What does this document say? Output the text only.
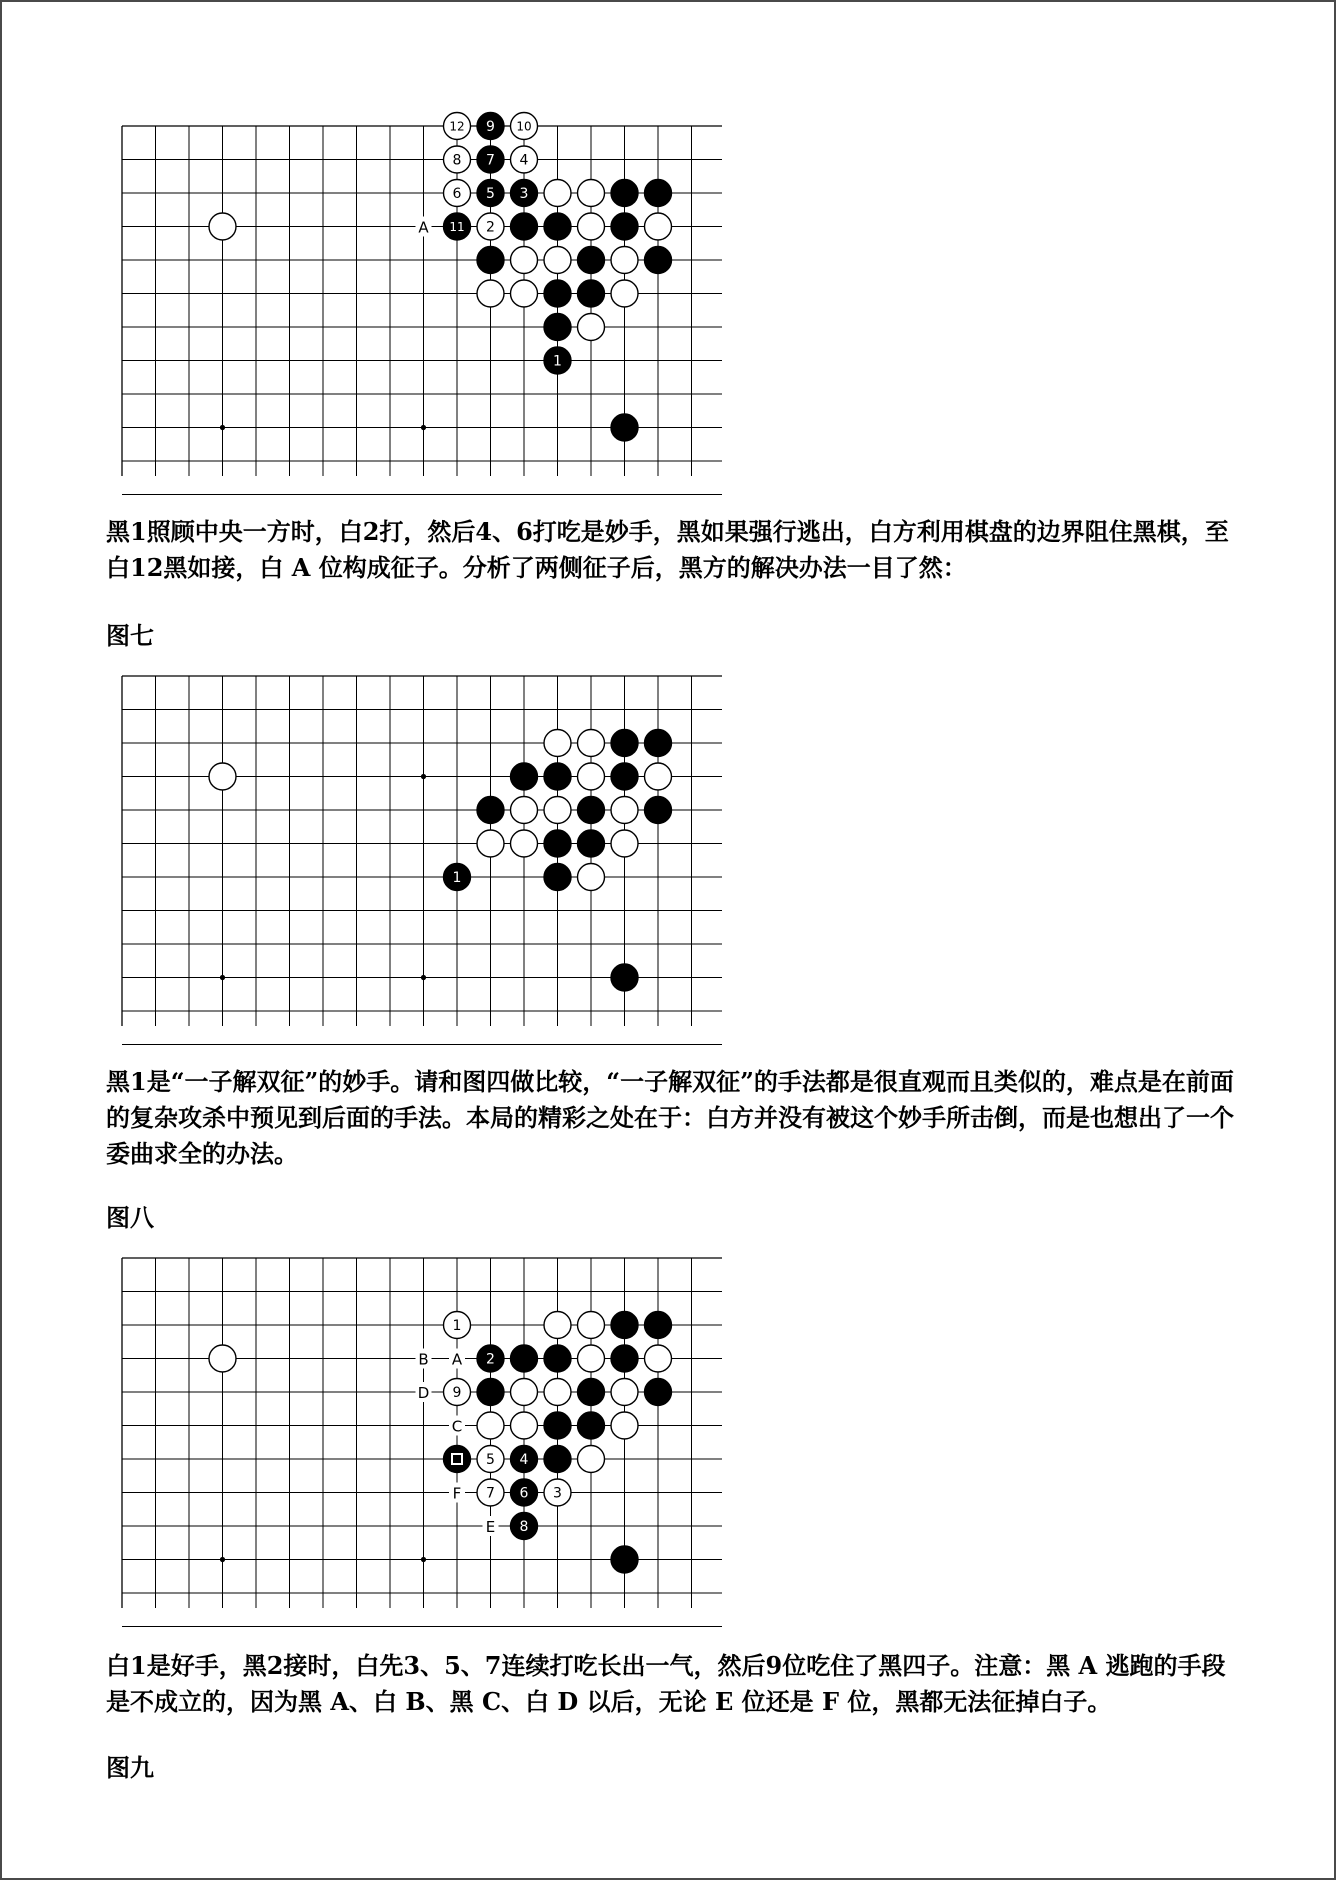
A
12 9 10
8 7 4
6 5 3
11 2
1

黑1照顾中央一方时，白2打，然后4、6打吃是妙手，黑如果强行逃出，白方利用棋盘的边界阻住黑棋，至白12黑如接，白 A 位构成征子。分析了两侧征子后，黑方的解决办法一目了然：

图七
1

黑1是“一子解双征”的妙手。请和图四做比较，“一子解双征”的手法都是很直观而且类似的，难点是在前面的复杂攻杀中预见到后面的手法。本局的精彩之处在于：白方并没有被这个妙手所击倒，而是也想出了一个委曲求全的办法。

图八
B A
D
C
F
E
1
2
9
5 4
7 6 3
8

白1是好手，黑2接时，白先3、5、7连续打吃长出一气，然后9位吃住了黑四子。注意：黑 A 逃跑的手段是不成立的，因为黑 A、白 B、黑 C、白 D 以后，无论 E 位还是 F 位，黑都无法征掉白子。

图九
